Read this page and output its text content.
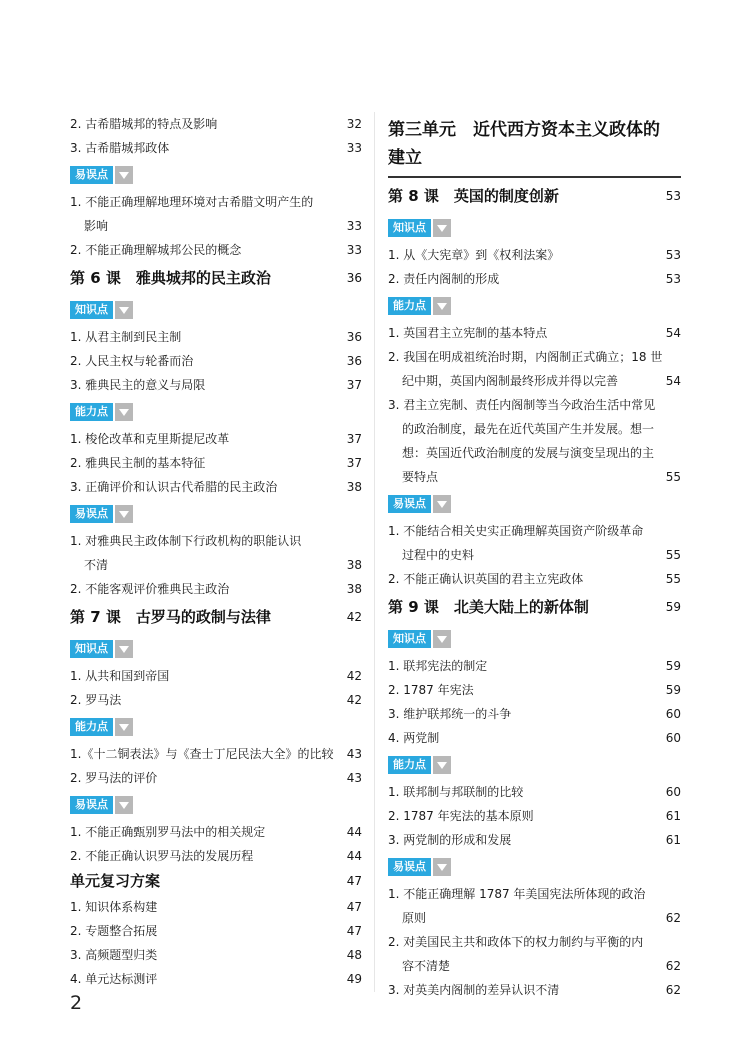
2. 古希腊城邦的特点及影响	32
3. 古希腊城邦政体	33
易误点
1. 不能正确理解地理环境对古希腊文明产生的
影响	33
2. 不能正确理解城邦公民的概念	33
第 6 课　雅典城邦的民主政治	36
知识点
1. 从君主制到民主制	36
2. 人民主权与轮番而治	36
3. 雅典民主的意义与局限	37
能力点
1. 梭伦改革和克里斯提尼改革	37
2. 雅典民主制的基本特征	37
3. 正确评价和认识古代希腊的民主政治	38
易误点
1. 对雅典民主政体制下行政机构的职能认识
不清	38
2. 不能客观评价雅典民主政治	38
第 7 课　古罗马的政制与法律	42
知识点
1. 从共和国到帝国	42
2. 罗马法	42
能力点
1.《十二铜表法》与《查士丁尼民法大全》的比较 43
2. 罗马法的评价	43
易误点
1. 不能正确甄别罗马法中的相关规定	44
2. 不能正确认识罗马法的发展历程	44
单元复习方案	47
1. 知识体系构建	47
2. 专题整合拓展	47
3. 高频题型归类	48
4. 单元达标测评	49
第三单元　近代西方资本主义政体的
建立
第 8 课　英国的制度创新	53
知识点
1. 从《大宪章》到《权利法案》	53
2. 责任内阁制的形成	53
能力点
1. 英国君主立宪制的基本特点	54
2. 我国在明成祖统治时期，内阁制正式确立；18 世
纪中期，英国内阁制最终形成并得以完善	54
3. 君主立宪制、责任内阁制等当今政治生活中常见
的政治制度，最先在近代英国产生并发展。想一
想：英国近代政治制度的发展与演变呈现出的主
要特点	55
易误点
1. 不能结合相关史实正确理解英国资产阶级革命
过程中的史料	55
2. 不能正确认识英国的君主立宪政体	55
第 9 课　北美大陆上的新体制	59
知识点
1. 联邦宪法的制定	59
2. 1787 年宪法	59
3. 维护联邦统一的斗争	60
4. 两党制	60
能力点
1. 联邦制与邦联制的比较	60
2. 1787 年宪法的基本原则	61
3. 两党制的形成和发展	61
易误点
1. 不能正确理解 1787 年美国宪法所体现的政治
原则	62
2. 对美国民主共和政体下的权力制约与平衡的内
容不清楚	62
3. 对英美内阁制的差异认识不清	62
2
